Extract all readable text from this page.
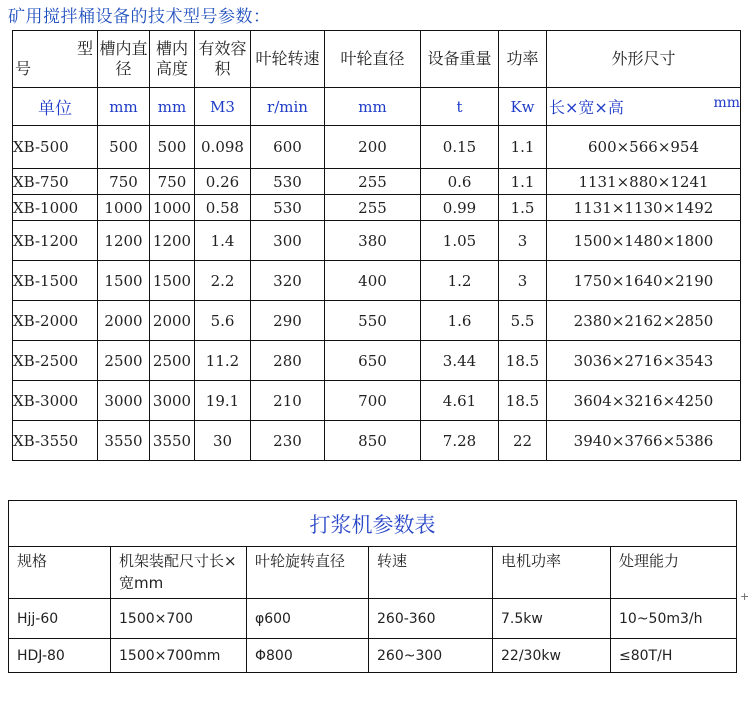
矿用搅拌桶设备的技术型号参数：
型
号	槽内直径	槽内高度	有效容积	叶轮转速	叶轮直径	设备重量	功率	外形尺寸
单位	mm	mm	M3	r/min	mm	t	Kw	长×宽×高 mm

XB-500	500	500	0.098	600	200	0.15	1.1	600×566×954
XB-750	750	750	0.26	530	255	0.6	1.1	1131×880×1241
XB-1000	1000	1000	0.58	530	255	0.99	1.5	1131×1130×1492
XB-1200	1200	1200	1.4	300	380	1.05	3	1500×1480×1800
XB-1500	1500	1500	2.2	320	400	1.2	3	1750×1640×2190
XB-2000	2000	2000	5.6	290	550	1.6	5.5	2380×2162×2850
XB-2500	2500	2500	11.2	280	650	3.44	18.5	3036×2716×3543
XB-3000	3000	3000	19.1	210	700	4.61	18.5	3604×3216×4250
XB-3550	3550	3550	30	230	850	7.28	22	3940×3766×5386
打浆机参数表					
规格	机架装配尺寸长×宽mm	叶轮旋转直径	转速	电机功率	处理能力
Hjj-60	1500×700	φ600	260-360	7.5kw	10~50m3/h
HDJ-80	1500×700mm	Φ800	260~300	22/30kw	≤80T/H
+
